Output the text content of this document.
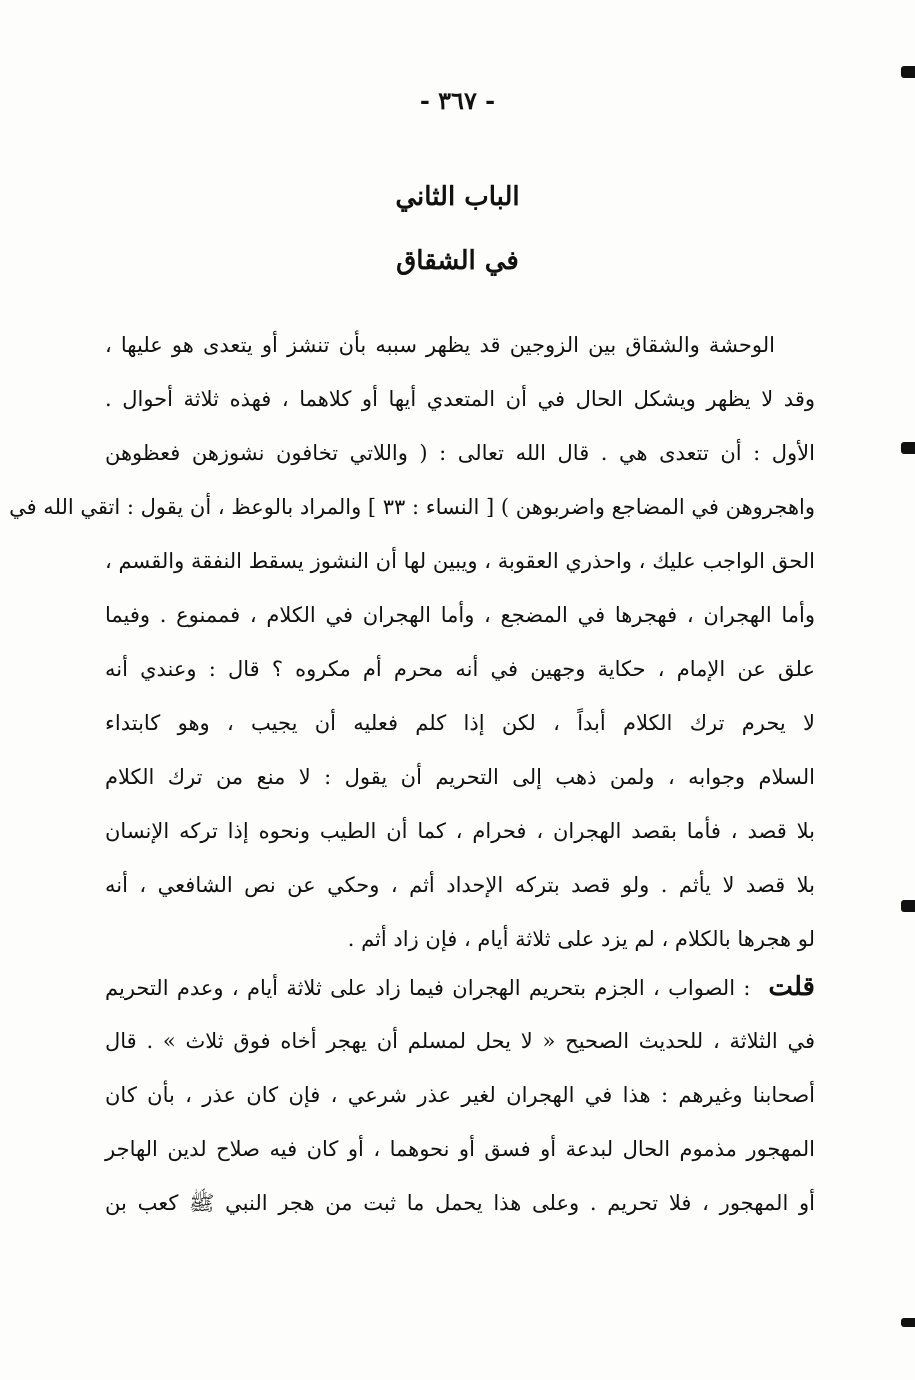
- ٣٦٧ -
الباب الثاني
في الشقاق
الوحشة والشقاق بين الزوجين قد يظهر سببه بأن تنشز أو يتعدى هو عليها ،
وقد لا يظهر ويشكل الحال في أن المتعدي أيها أو كلاهما ، فهذه ثلاثة أحوال .
الأول : أن تتعدى هي . قال الله تعالى : ( واللاتي تخافون نشوزهن فعظوهن
واهجروهن في المضاجع واضربوهن ) [ النساء : ٣٣ ] والمراد بالوعظ ، أن يقول : اتقي الله في
الحق الواجب عليك ، واحذري العقوبة ، ويبين لها أن النشوز يسقط النفقة والقسم ،
وأما الهجران ، فهجرها في المضجع ، وأما الهجران في الكلام ، فممنوع . وفيما
علق عن الإمام ، حكاية وجهين في أنه محرم أم مكروه ؟ قال : وعندي أنه
لا يحرم ترك الكلام أبداً ، لكن إذا كلم فعليه أن يجيب ، وهو كابتداء
السلام وجوابه ، ولمن ذهب إلى التحريم أن يقول : لا منع من ترك الكلام
بلا قصد ، فأما بقصد الهجران ، فحرام ، كما أن الطيب ونحوه إذا تركه الإنسان
بلا قصد لا يأثم . ولو قصد بتركه الإحداد أثم ، وحكي عن نص الشافعي ، أنه
لو هجرها بالكلام ، لم يزد على ثلاثة أيام ، فإن زاد أثم .
قلت: الصواب ، الجزم بتحريم الهجران فيما زاد على ثلاثة أيام ، وعدم التحريم
في الثلاثة ، للحديث الصحيح « لا يحل لمسلم أن يهجر أخاه فوق ثلاث » . قال
أصحابنا وغيرهم : هذا في الهجران لغير عذر شرعي ، فإن كان عذر ، بأن كان
المهجور مذموم الحال لبدعة أو فسق أو نحوهما ، أو كان فيه صلاح لدين الهاجر
أو المهجور ، فلا تحريم . وعلى هذا يحمل ما ثبت من هجر النبي ﷺ كعب بن
